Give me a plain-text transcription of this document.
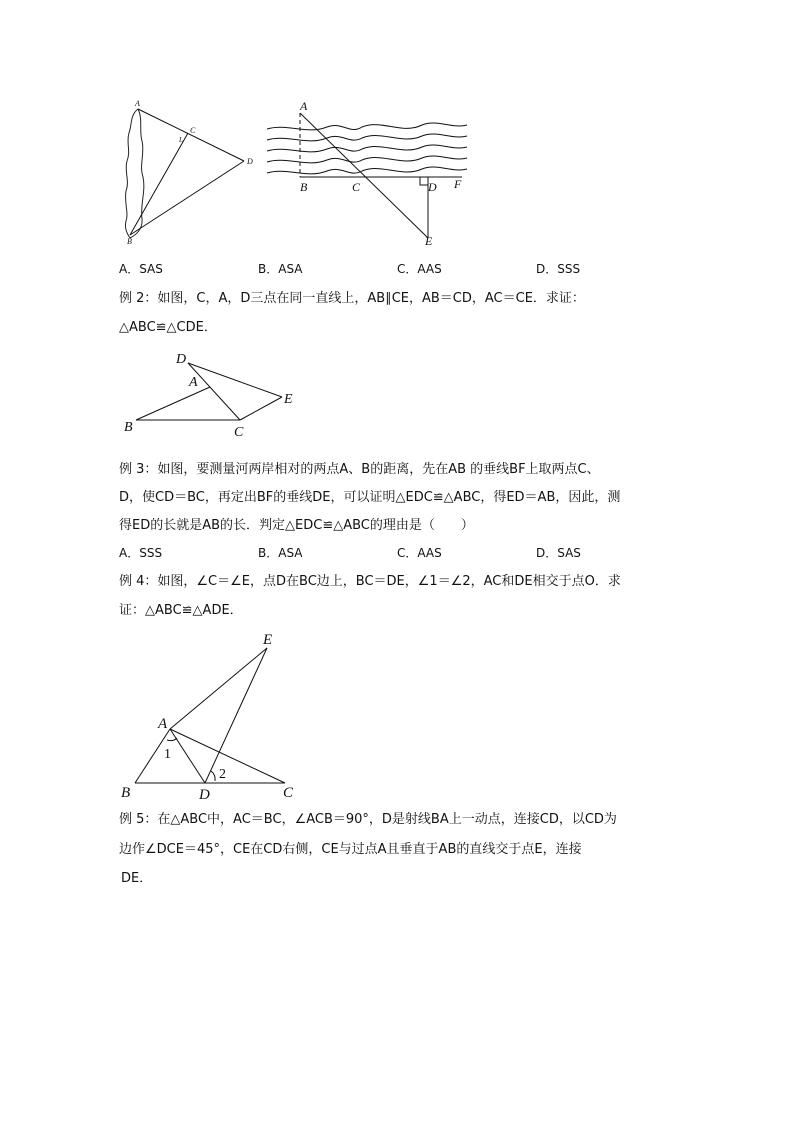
A
C
L
D
B
A
B	C	D
E
F
A．SAS	B．ASA	C．AAS	D．SSS
例 2：如图，C，A，D三点在同一直线上，AB∥CE，AB＝CD，AC＝CE．求证：
△ABC≌△CDE．
D
A
E
B	C
例 3：如图，要测量河两岸相对的两点A、B的距离，先在AB 的垂线BF上取两点C、
D，使CD＝BC，再定出BF的垂线DE，可以证明△EDC≌△ABC，得ED＝AB，因此，测
得ED的长就是AB的长．判定△EDC≌△ABC的理由是（　　）
A．SSS	B．ASA	C．AAS	D．SAS
例 4：如图，∠C＝∠E，点D在BC边上，BC＝DE，∠1＝∠2，AC和DE相交于点O．求
证：△ABC≌△ADE．
E
A
1
2
B	D	C
例 5：在△ABC中，AC＝BC，∠ACB＝90°，D是射线BA上一动点，连接CD，以CD为
边作∠DCE＝45°，CE在CD右侧，CE与过点A且垂直于AB的直线交于点E，连接
DE．
